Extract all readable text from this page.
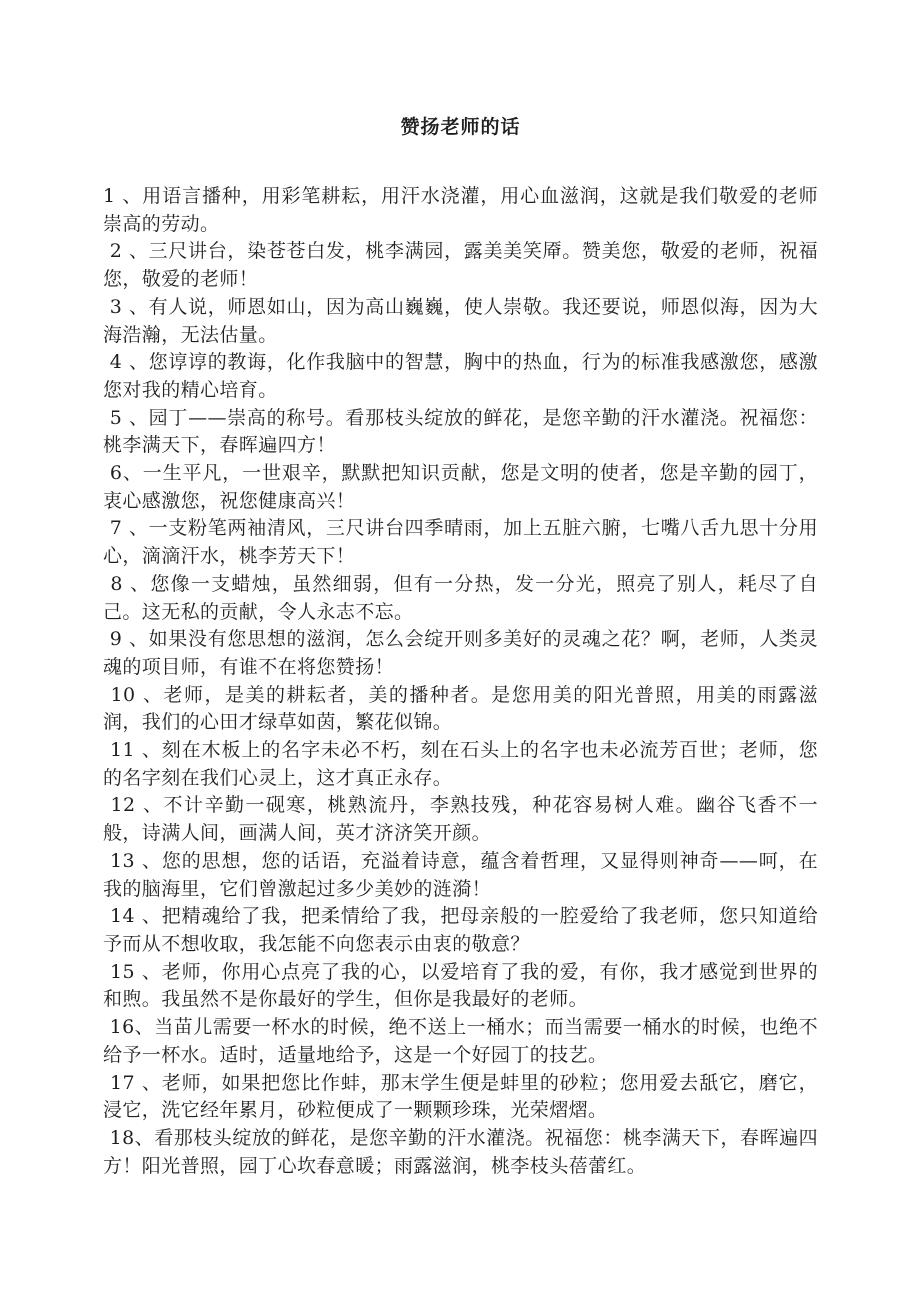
赞扬老师的话

1 、用语言播种，用彩笔耕耘，用汗水浇灌，用心血滋润，这就是我们敬爱的老师崇高的劳动。

2 、三尺讲台，染苍苍白发，桃李满园，露美美笑厣。赞美您，敬爱的老师，祝福您，敬爱的老师！

3 、有人说，师恩如山，因为高山巍巍，使人崇敬。我还要说，师恩似海，因为大海浩瀚，无法估量。

4 、您谆谆的教诲，化作我脑中的智慧，胸中的热血，行为的标准我感激您，感激您对我的精心培育。

5 、园丁——崇高的称号。看那枝头绽放的鲜花，是您辛勤的汗水灌浇。祝福您：桃李满天下，春晖遍四方！

6、一生平凡，一世艰辛，默默把知识贡献，您是文明的使者，您是辛勤的园丁，衷心感激您，祝您健康高兴！

7 、一支粉笔两袖清风，三尺讲台四季晴雨，加上五脏六腑，七嘴八舌九思十分用心，滴滴汗水，桃李芳天下！

8 、您像一支蜡烛，虽然细弱，但有一分热，发一分光，照亮了别人，耗尽了自己。这无私的贡献，令人永志不忘。

9 、如果没有您思想的滋润，怎么会绽开则多美好的灵魂之花？啊，老师，人类灵魂的项目师，有谁不在将您赞扬！

10 、老师，是美的耕耘者，美的播种者。是您用美的阳光普照，用美的雨露滋润，我们的心田才绿草如茵，繁花似锦。

11 、刻在木板上的名字未必不朽，刻在石头上的名字也未必流芳百世；老师，您的名字刻在我们心灵上，这才真正永存。

12 、不计辛勤一砚寒，桃熟流丹，李熟技残，种花容易树人难。幽谷飞香不一般，诗满人间，画满人间，英才济济笑开颜。

13 、您的思想，您的话语，充溢着诗意，蕴含着哲理，又显得则神奇——呵，在我的脑海里，它们曾激起过多少美妙的涟漪！

14 、把精魂给了我，把柔情给了我，把母亲般的一腔爱给了我老师，您只知道给予而从不想收取，我怎能不向您表示由衷的敬意？

15 、老师，你用心点亮了我的心，以爱培育了我的爱，有你，我才感觉到世界的和煦。我虽然不是你最好的学生，但你是我最好的老师。

16、当苗儿需要一杯水的时候，绝不送上一桶水；而当需要一桶水的时候，也绝不给予一杯水。适时，适量地给予，这是一个好园丁的技艺。

17 、老师，如果把您比作蚌，那末学生便是蚌里的砂粒；您用爱去舐它，磨它，浸它，洗它经年累月，砂粒便成了一颗颗珍珠，光荣熠熠。

18、看那枝头绽放的鲜花，是您辛勤的汗水灌浇。祝福您：桃李满天下，春晖遍四方！阳光普照，园丁心坎春意暖；雨露滋润，桃李枝头蓓蕾红。
